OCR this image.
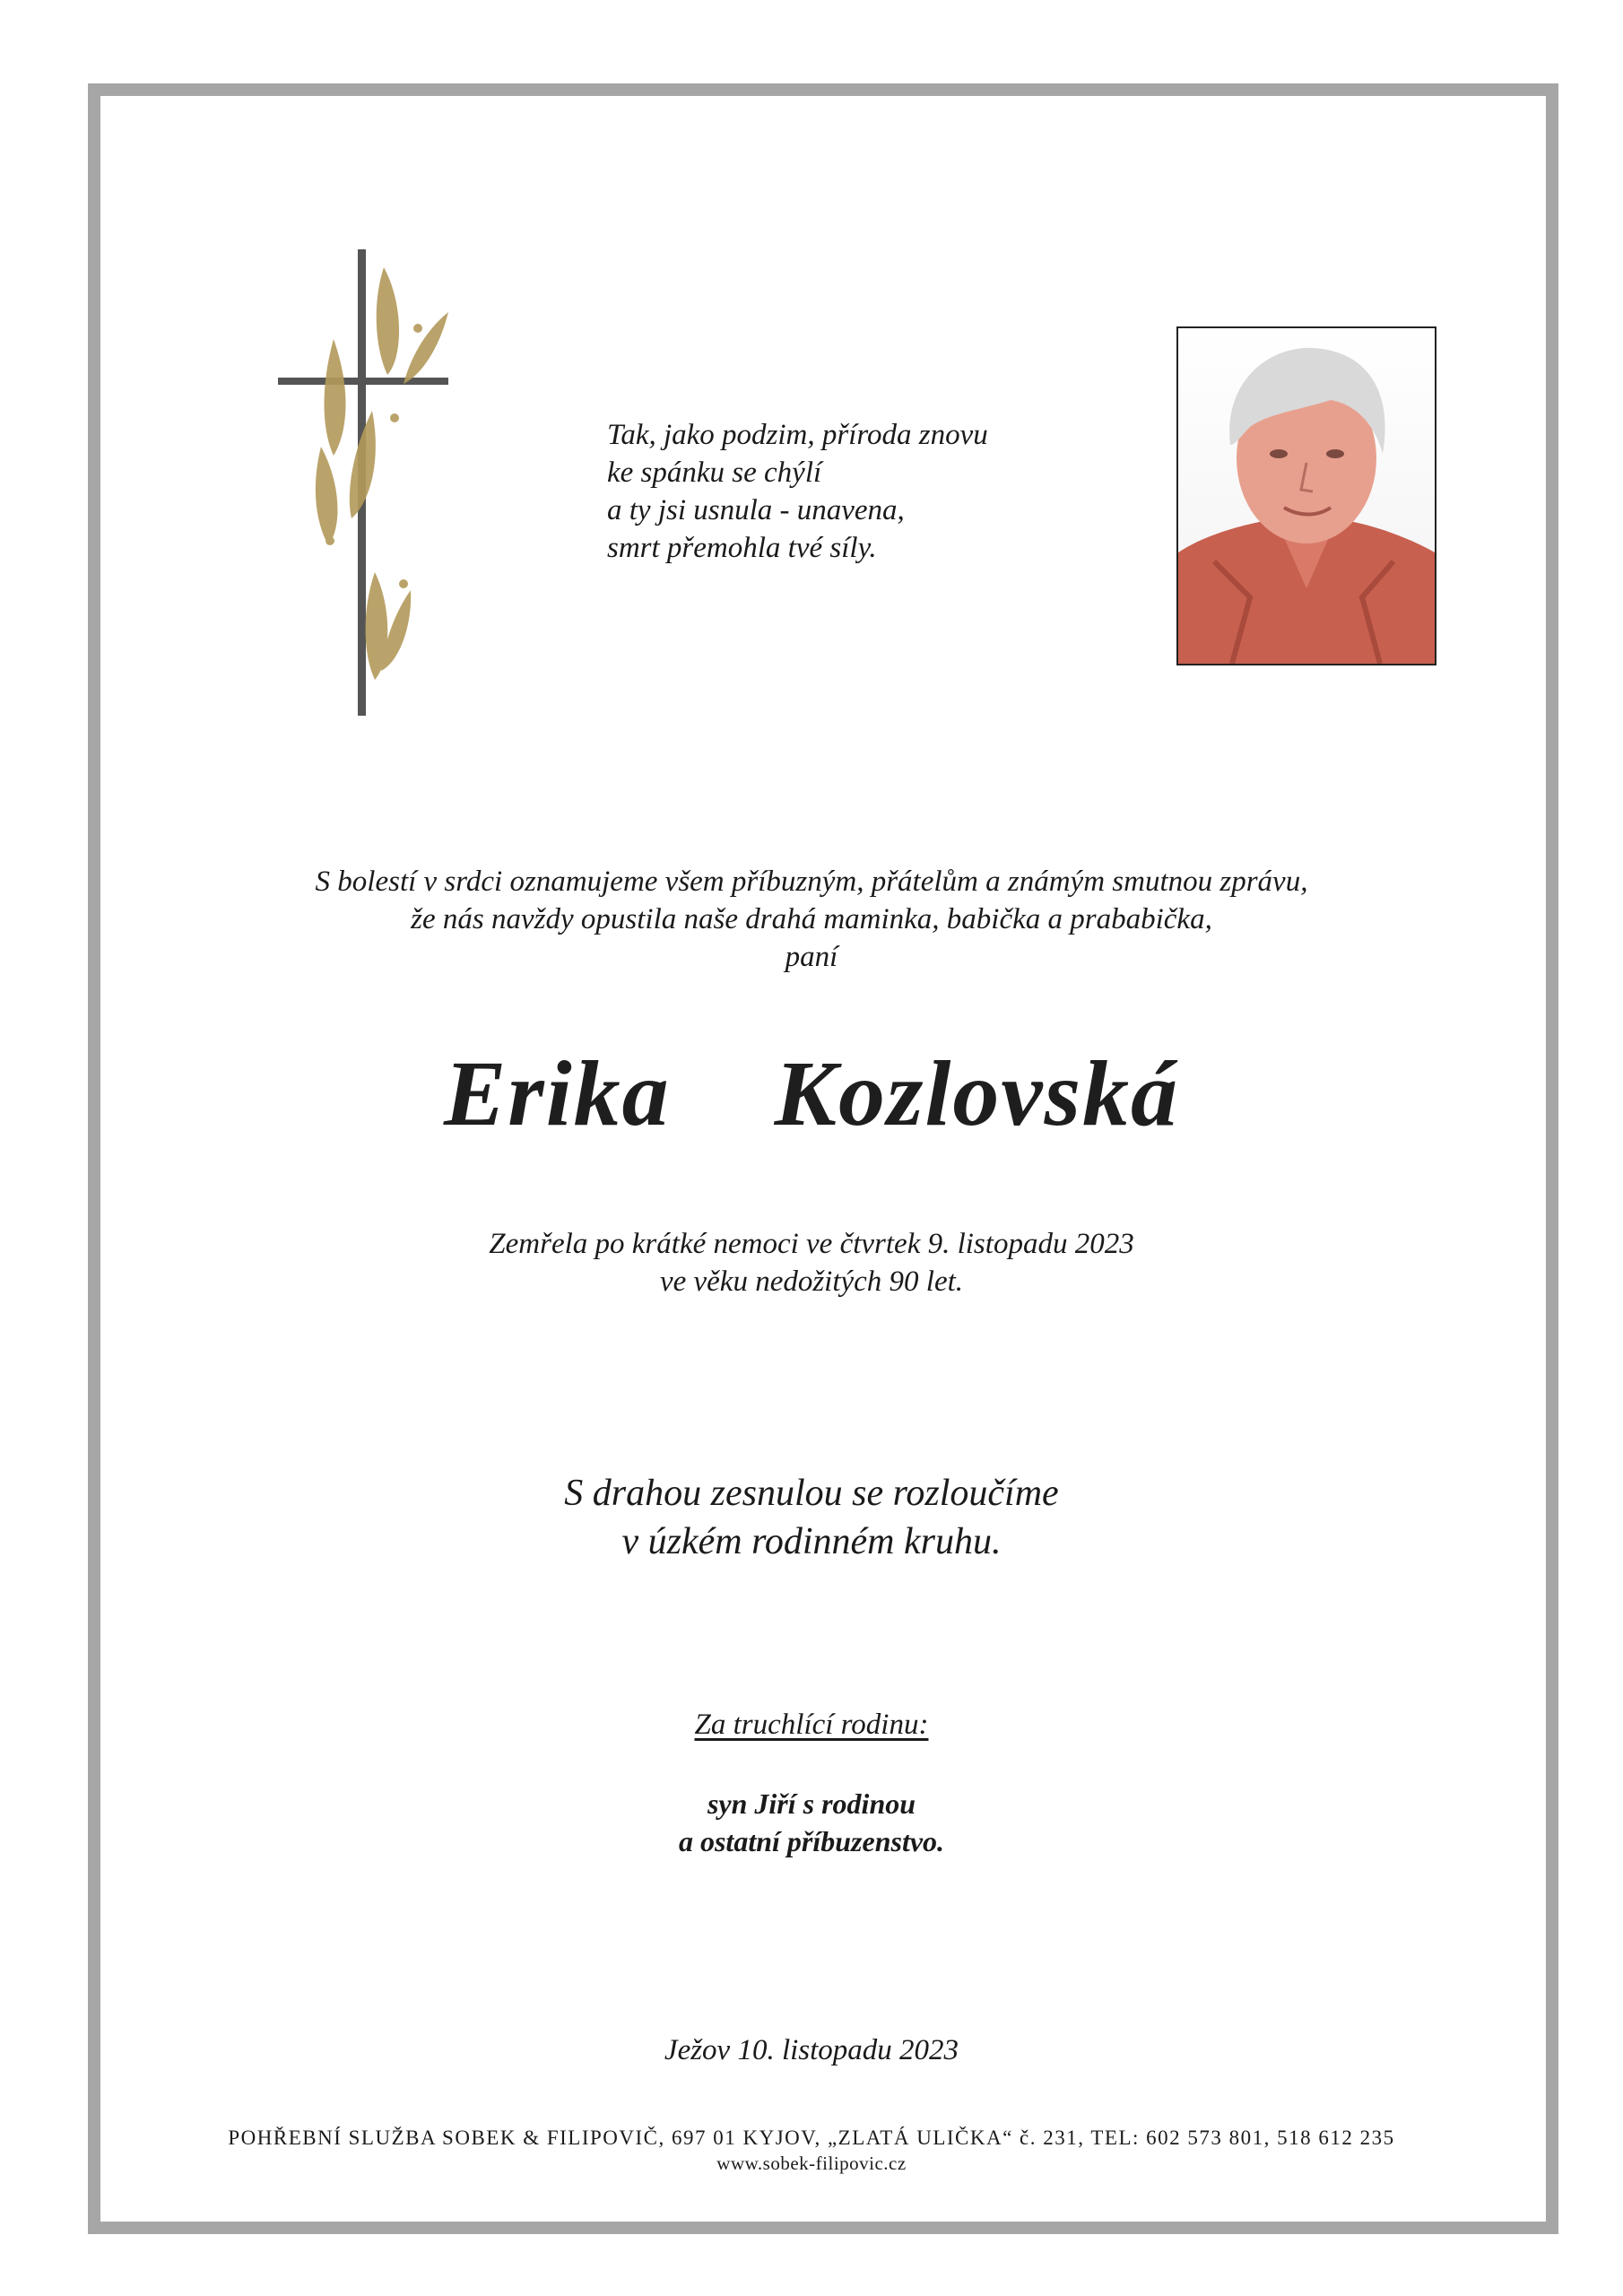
Tak, jako podzim, příroda znovu
ke spánku se chýlí
a ty jsi usnula - unavena,
smrt přemohla tvé síly.
S bolestí v srdci oznamujeme všem příbuzným, přátelům a známým smutnou zprávu,
že nás navždy opustila naše drahá maminka, babička a prababička,
paní
Erika  Kozlovská
Zemřela po krátké nemoci ve čtvrtek 9. listopadu 2023
ve věku nedožitých 90 let.
S drahou zesnulou se rozloučíme
v úzkém rodinném kruhu.
Za truchlící rodinu:
syn Jiří s rodinou
a ostatní příbuzenstvo.
Ježov 10. listopadu 2023
POHŘEBNÍ SLUŽBA SOBEK & FILIPOVIČ, 697 01 KYJOV, „ZLATÁ ULIČKA“ č. 231, TEL: 602 573 801, 518 612 235
www.sobek-filipovic.cz
